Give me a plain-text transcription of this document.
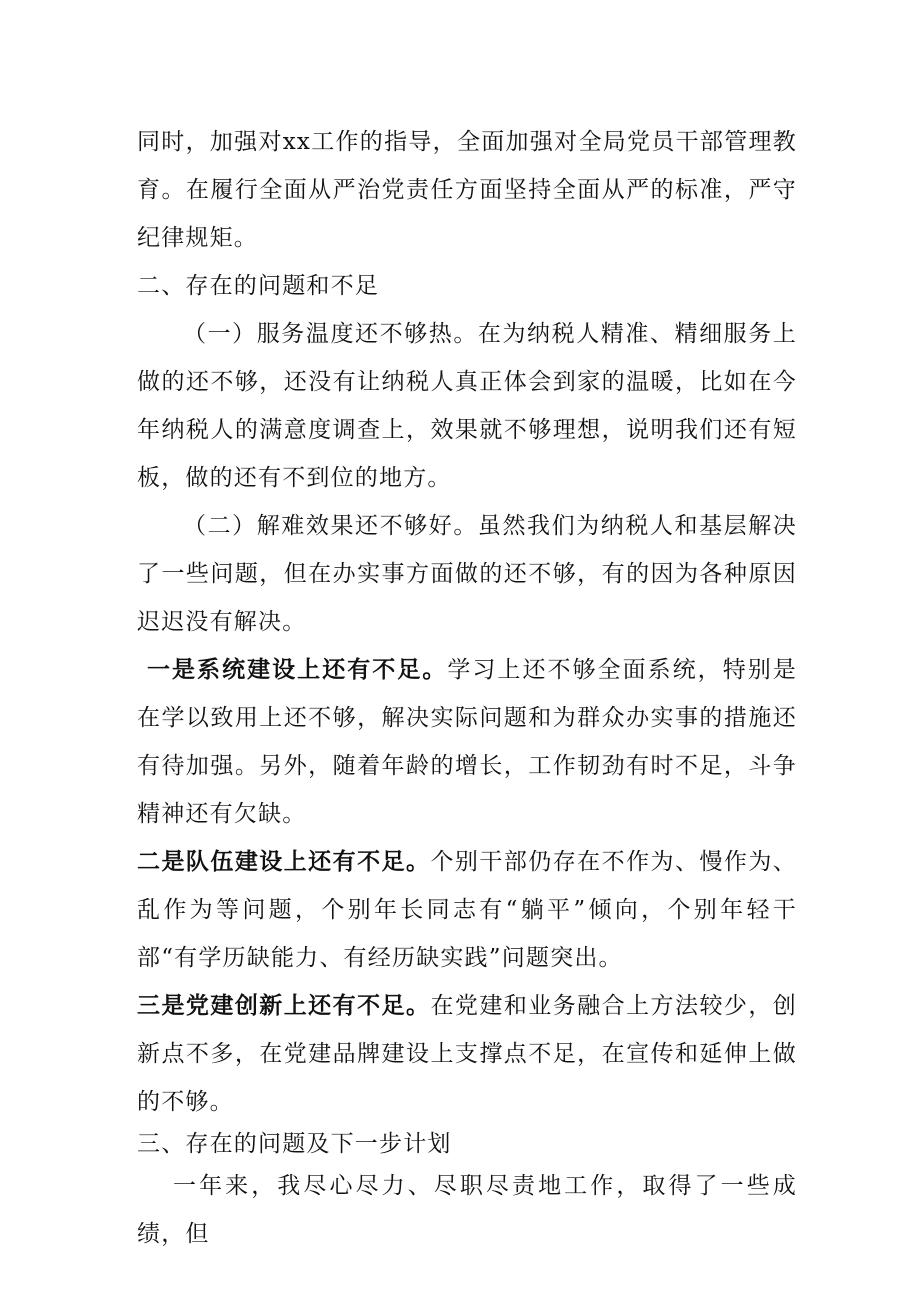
同时，加强对xx工作的指导，全面加强对全局党员干部管理教育。在履行全面从严治党责任方面坚持全面从严的标准，严守纪律规矩。

二、存在的问题和不足

（一）服务温度还不够热。在为纳税人精准、精细服务上做的还不够，还没有让纳税人真正体会到家的温暖，比如在今年纳税人的满意度调查上，效果就不够理想，说明我们还有短板，做的还有不到位的地方。

（二）解难效果还不够好。虽然我们为纳税人和基层解决了一些问题，但在办实事方面做的还不够，有的因为各种原因迟迟没有解决。

一是系统建设上还有不足。学习上还不够全面系统，特别是在学以致用上还不够，解决实际问题和为群众办实事的措施还有待加强。另外，随着年龄的增长，工作韧劲有时不足，斗争精神还有欠缺。

二是队伍建设上还有不足。个别干部仍存在不作为、慢作为、乱作为等问题，个别年长同志有“躺平”倾向，个别年轻干部“有学历缺能力、有经历缺实践”问题突出。

三是党建创新上还有不足。在党建和业务融合上方法较少，创新点不多，在党建品牌建设上支撑点不足，在宣传和延伸上做的不够。

三、存在的问题及下一步计划

一年来，我尽心尽力、尽职尽责地工作，取得了一些成绩，但
